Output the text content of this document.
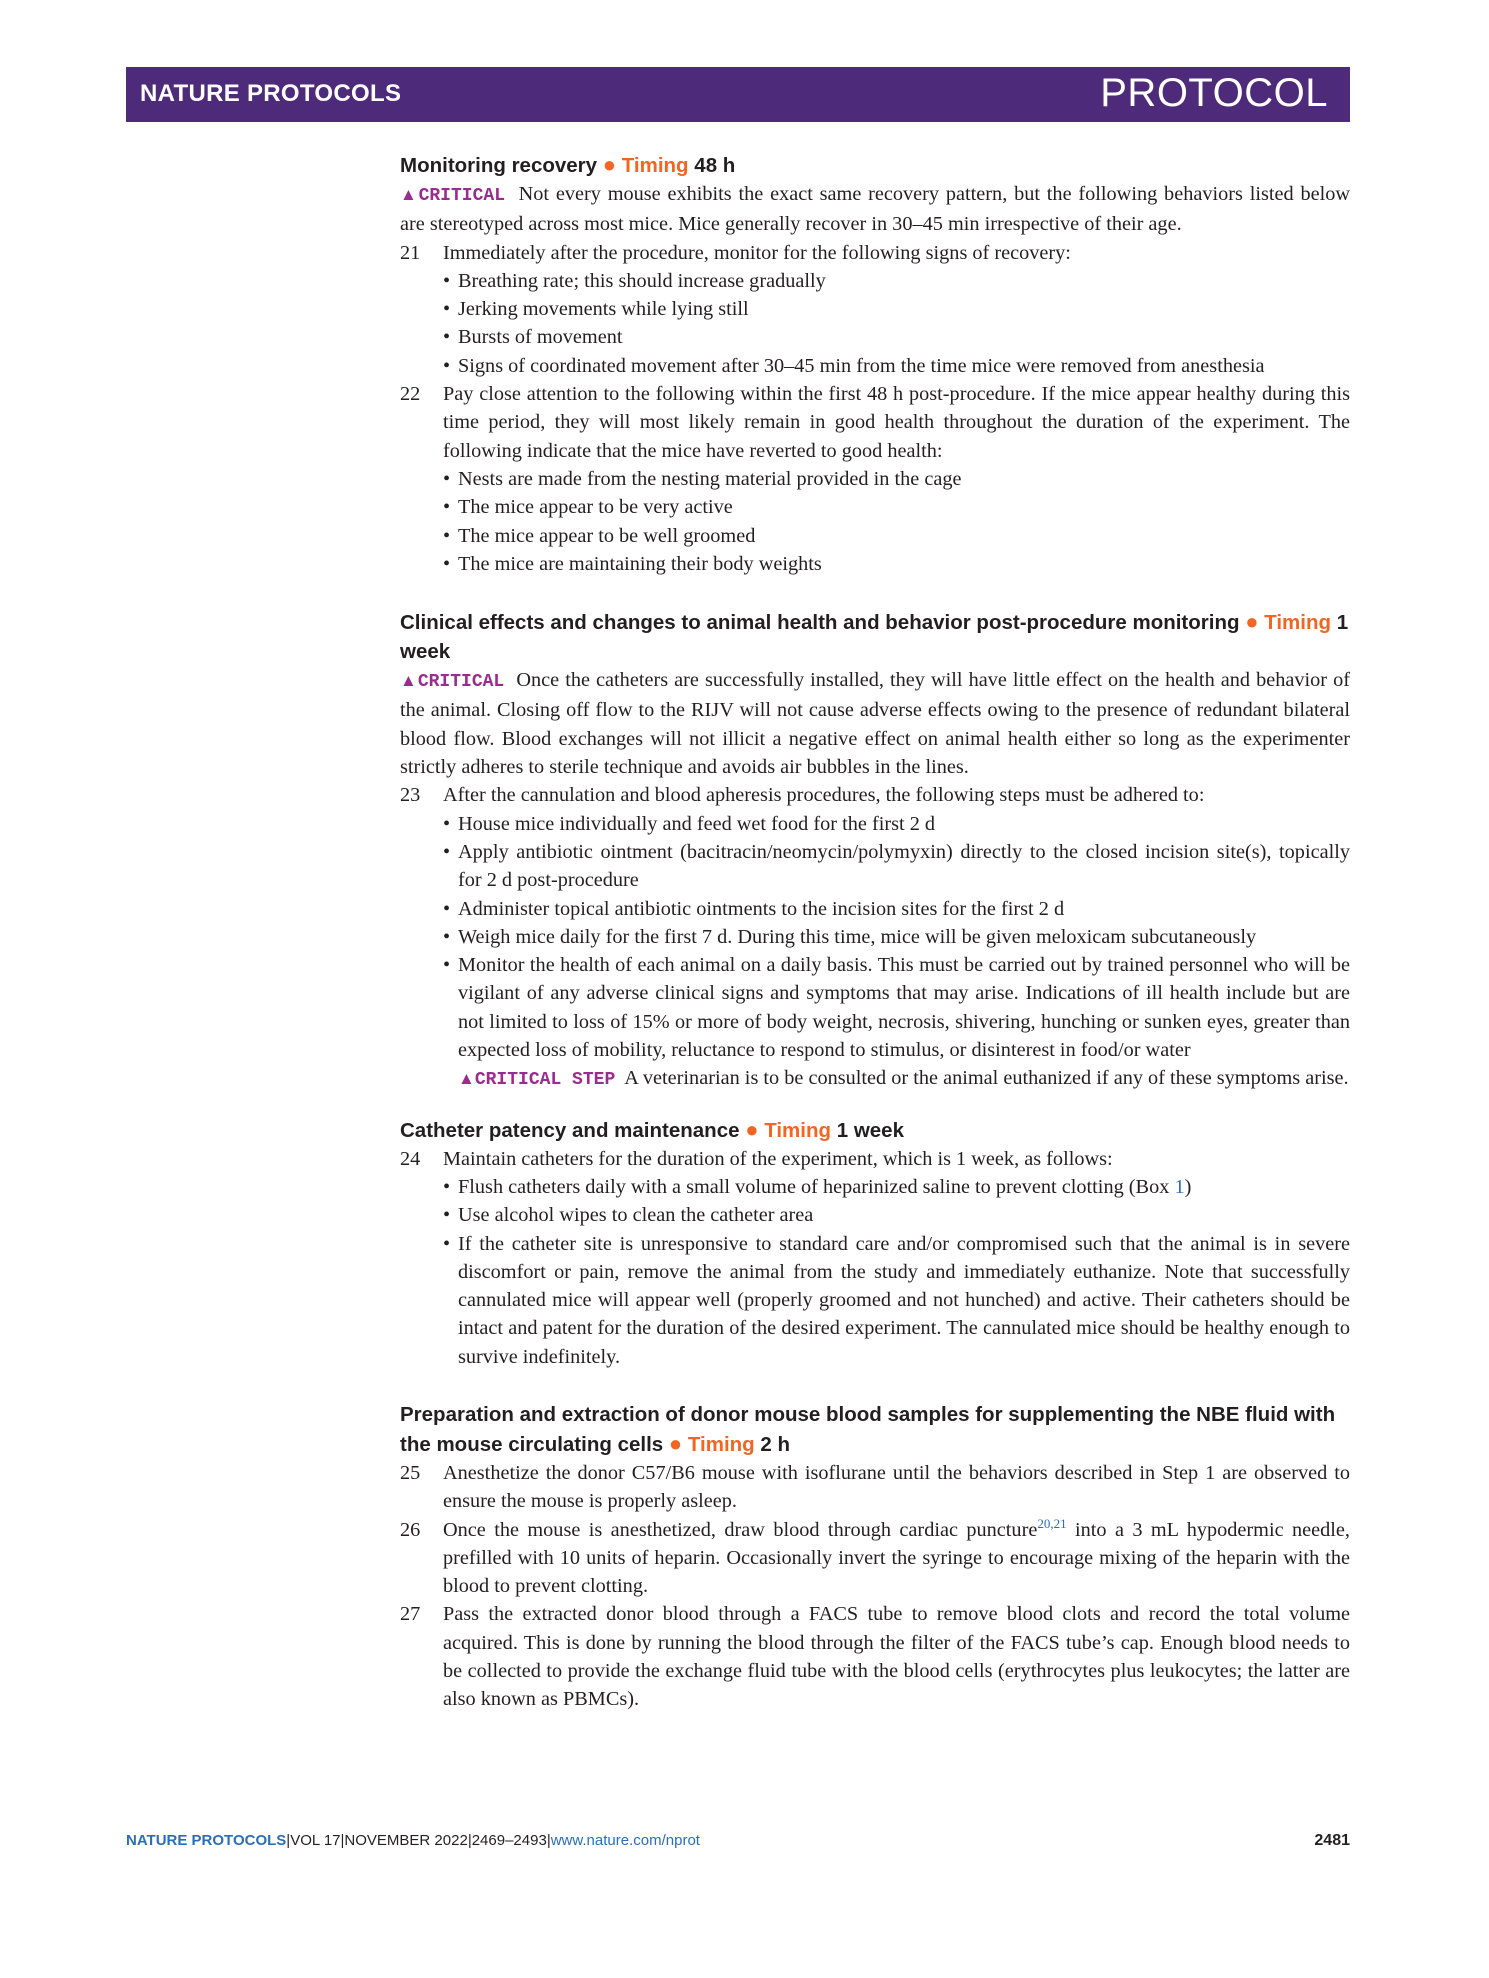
NATURE PROTOCOLS	PROTOCOL
Monitoring recovery ● Timing 48 h

▲CRITICAL Not every mouse exhibits the exact same recovery pattern, but the following behaviors listed below are stereotyped across most mice. Mice generally recover in 30–45 min irrespective of their age.

21 Immediately after the procedure, monitor for the following signs of recovery:
• Breathing rate; this should increase gradually
• Jerking movements while lying still
• Bursts of movement
• Signs of coordinated movement after 30–45 min from the time mice were removed from anesthesia
22 Pay close attention to the following within the first 48 h post-procedure. If the mice appear healthy during this time period, they will most likely remain in good health throughout the duration of the experiment. The following indicate that the mice have reverted to good health:
• Nests are made from the nesting material provided in the cage
• The mice appear to be very active
• The mice appear to be well groomed
• The mice are maintaining their body weights
Clinical effects and changes to animal health and behavior post-procedure monitoring ● Timing 1 week

▲CRITICAL Once the catheters are successfully installed, they will have little effect on the health and behavior of the animal. Closing off flow to the RIJV will not cause adverse effects owing to the presence of redundant bilateral blood flow. Blood exchanges will not illicit a negative effect on animal health either so long as the experimenter strictly adheres to sterile technique and avoids air bubbles in the lines.

23 After the cannulation and blood apheresis procedures, the following steps must be adhered to:
• House mice individually and feed wet food for the first 2 d
• Apply antibiotic ointment (bacitracin/neomycin/polymyxin) directly to the closed incision site(s), topically for 2 d post-procedure
• Administer topical antibiotic ointments to the incision sites for the first 2 d
• Weigh mice daily for the first 7 d. During this time, mice will be given meloxicam subcutaneously
• Monitor the health of each animal on a daily basis. This must be carried out by trained personnel who will be vigilant of any adverse clinical signs and symptoms that may arise. Indications of ill health include but are not limited to loss of 15% or more of body weight, necrosis, shivering, hunching or sunken eyes, greater than expected loss of mobility, reluctance to respond to stimulus, or disinterest in food/or water
▲CRITICAL STEP A veterinarian is to be consulted or the animal euthanized if any of these symptoms arise.
Catheter patency and maintenance ● Timing 1 week
24 Maintain catheters for the duration of the experiment, which is 1 week, as follows:
• Flush catheters daily with a small volume of heparinized saline to prevent clotting (Box 1)
• Use alcohol wipes to clean the catheter area
• If the catheter site is unresponsive to standard care and/or compromised such that the animal is in severe discomfort or pain, remove the animal from the study and immediately euthanize. Note that successfully cannulated mice will appear well (properly groomed and not hunched) and active. Their catheters should be intact and patent for the duration of the desired experiment. The cannulated mice should be healthy enough to survive indefinitely.
Preparation and extraction of donor mouse blood samples for supplementing the NBE fluid with the mouse circulating cells ● Timing 2 h
25 Anesthetize the donor C57/B6 mouse with isoflurane until the behaviors described in Step 1 are observed to ensure the mouse is properly asleep.
26 Once the mouse is anesthetized, draw blood through cardiac puncture$^{20,21}$ into a 3 mL hypodermic needle, prefilled with 10 units of heparin. Occasionally invert the syringe to encourage mixing of the heparin with the blood to prevent clotting.
27 Pass the extracted donor blood through a FACS tube to remove blood clots and record the total volume acquired. This is done by running the blood through the filter of the FACS tube’s cap. Enough blood needs to be collected to provide the exchange fluid tube with the blood cells (erythrocytes plus leukocytes; the latter are also known as PBMCs).
NATURE PROTOCOLS|VOL 17|NOVEMBER 2022|2469–2493|www.nature.com/nprot	2481
